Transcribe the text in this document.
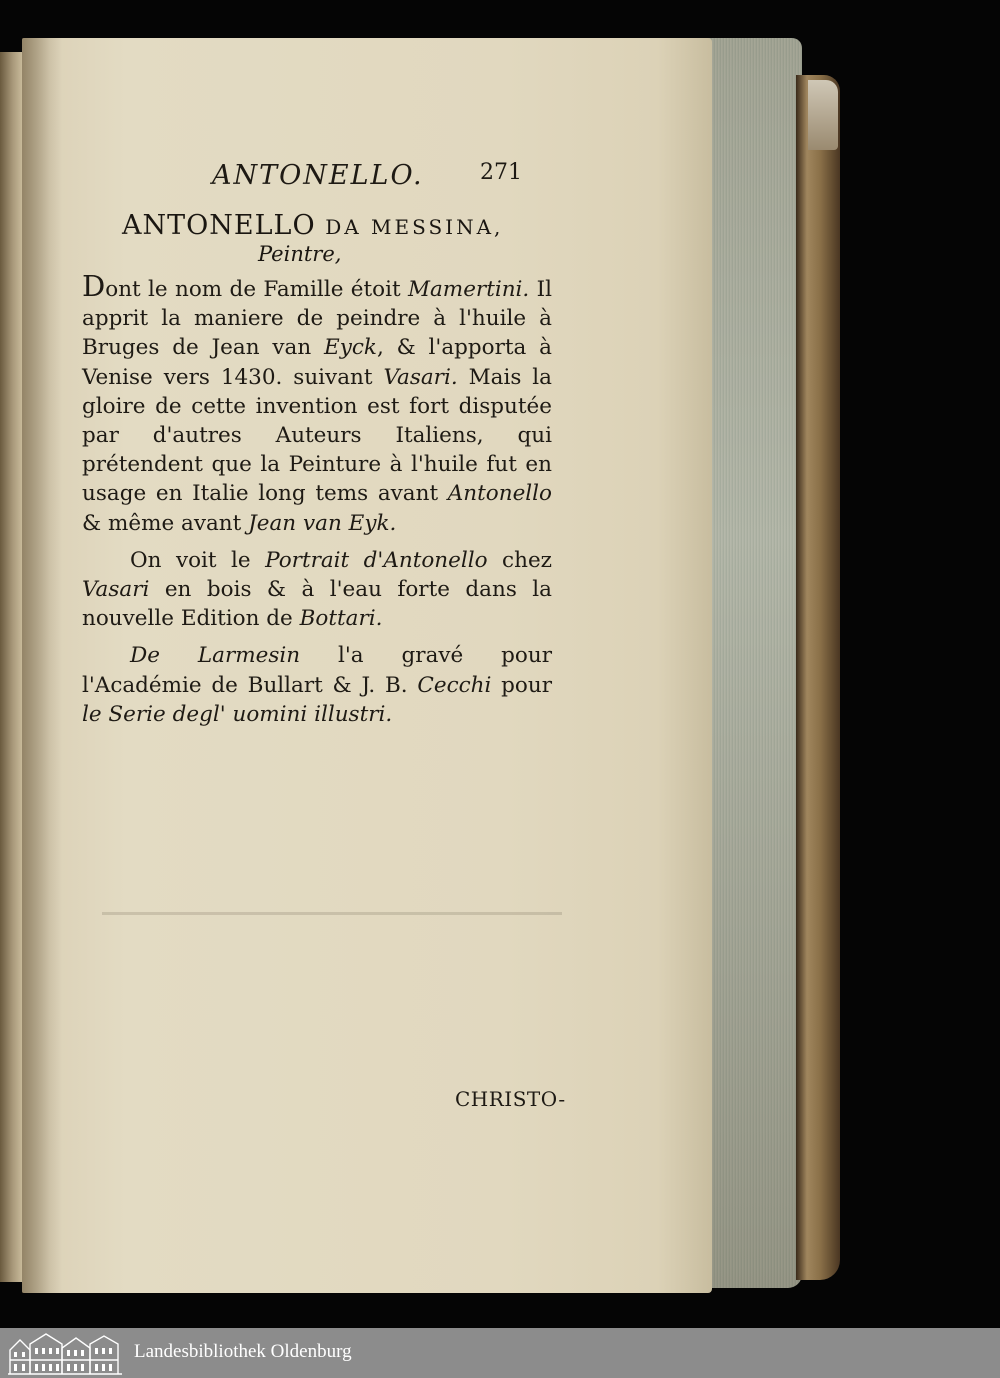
ANTONELLO.	271
ANTONELLO DA MESSINA,
Peintre,

Dont le nom de Famille étoit Mamertini. Il apprit la maniere de peindre à l'huile à Bruges de Jean van Eyck, & l'apporta à Venise vers 1430. suivant Vasari. Mais la gloire de cette invention est fort disputée par d'autres Auteurs Italiens, qui prétendent que la Peinture à l'huile fut en usage en Italie long tems avant Antonello & même avant Jean van Eyk.

On voit le Portrait d'Antonello chez Vasari en bois & à l'eau forte dans la nouvelle Edition de Bottari.

De Larmesin l'a gravé pour l'Académie de Bullart & J. B. Cecchi pour le Serie degl' uomini illustri.

CHRISTO-
Landesbibliothek Oldenburg
